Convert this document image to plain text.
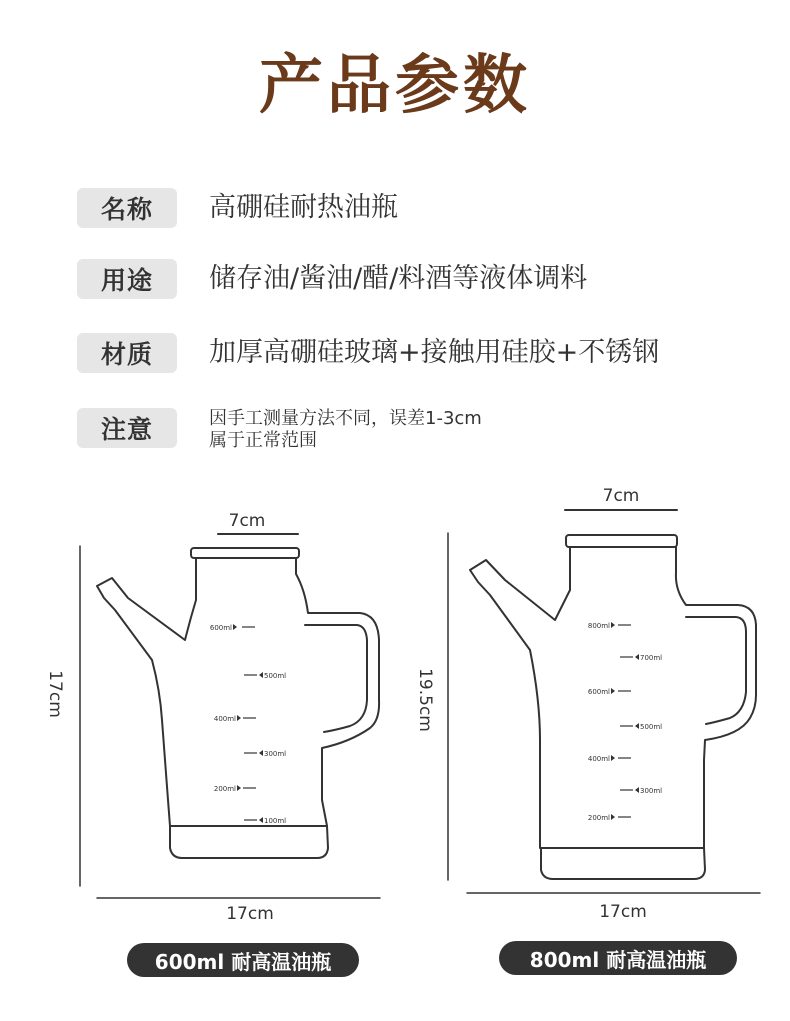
产品参数
名称	高硼硅耐热油瓶
用途	储存油/酱油/醋/料酒等液体调料
材质	加厚高硼硅玻璃+接触用硅胶+不锈钢
注意	因手工测量方法不同，误差1-3cm
属于正常范围
7cm
17cm
17cm
7cm
19.5cm
17cm
600ml
500ml
400ml
300ml
200ml
100ml
800ml
700ml
600ml
500ml
400ml
300ml
200ml
600ml 耐高温油瓶	800ml 耐高温油瓶
